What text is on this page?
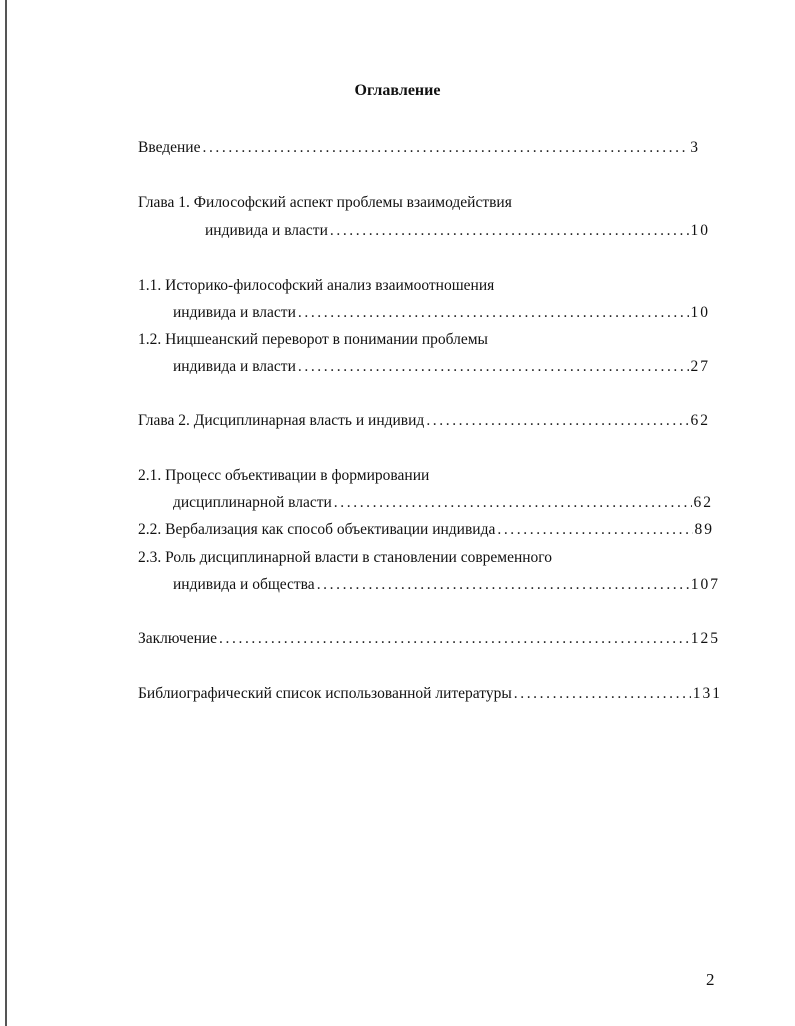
Оглавление
Введение .....	3
Глава 1. Философский аспект проблемы взаимодействия
индивида и власти .....	10
1.1. Историко-философский анализ взаимоотношения
индивида и власти .....	10
1.2. Ницшеанский переворот в понимании проблемы
индивида и власти .....	27
Глава 2. Дисциплинарная власть и индивид .....	62
2.1. Процесс объективации в формировании
дисциплинарной власти .....	62
2.2. Вербализация как способ объективации индивида .....	89
2.3. Роль дисциплинарной власти в становлении современного
индивида и общества .....	107
Заключение .....	125
Библиографический список использованной литературы .....	131
2
